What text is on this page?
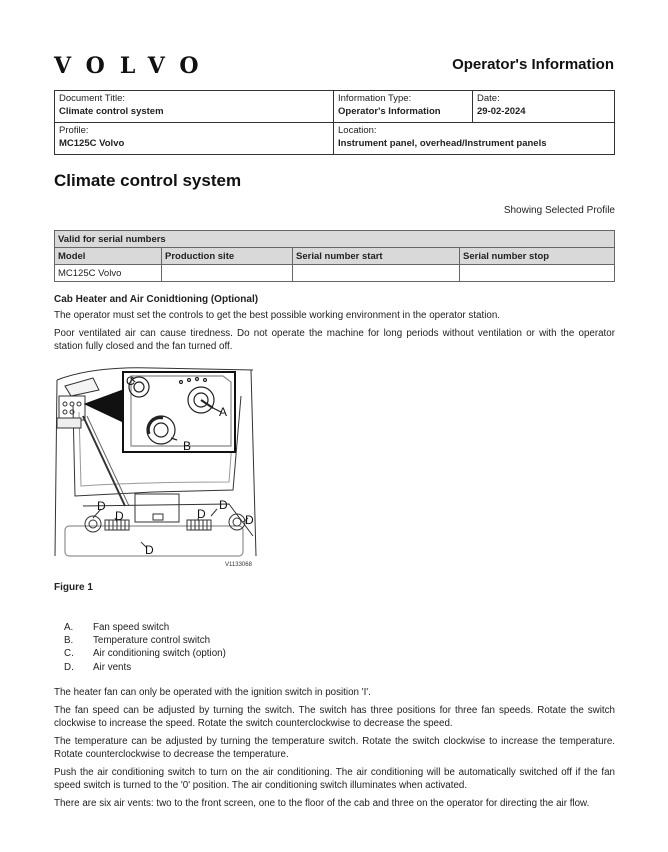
VOLVO	Operator's Information
Document Title:
Climate control system	Information Type:
Operator's Information	Date:
29-02-2024

Profile:
MC125C Volvo	Location:
Instrument panel, overhead/Instrument panels	
Climate control system
Showing Selected Profile
Valid for serial numbers			
Model	Production site	Serial number start	Serial number stop
MC125C Volvo			
Cab Heater and Air Conidtioning (Optional)
The operator must set the controls to get the best possible working environment in the operator station.
Poor ventilated air can cause tiredness. Do not operate the machine for long periods without ventilation or with the operator station fully closed and the fan turned off.
C
A
B
D
D
D
D	D
D
V1133068
Figure 1
A.	Fan speed switch
B.	Temperature control switch
C.	Air conditioning switch (option)
D.	Air vents
The heater fan can only be operated with the ignition switch in position 'I'.
The fan speed can be adjusted by turning the switch. The switch has three positions for three fan speeds. Rotate the switch clockwise to increase the speed. Rotate the switch counterclockwise to decrease the speed.
The temperature can be adjusted by turning the temperature switch. Rotate the switch clockwise to increase the temperature. Rotate counterclockwise to decrease the temperature.
Push the air conditioning switch to turn on the air conditioning. The air conditioning will be automatically switched off if the fan speed switch is turned to the '0' position. The air conditioning switch illuminates when activated.
There are six air vents: two to the front screen, one to the floor of the cab and three on the operator for directing the air flow.
